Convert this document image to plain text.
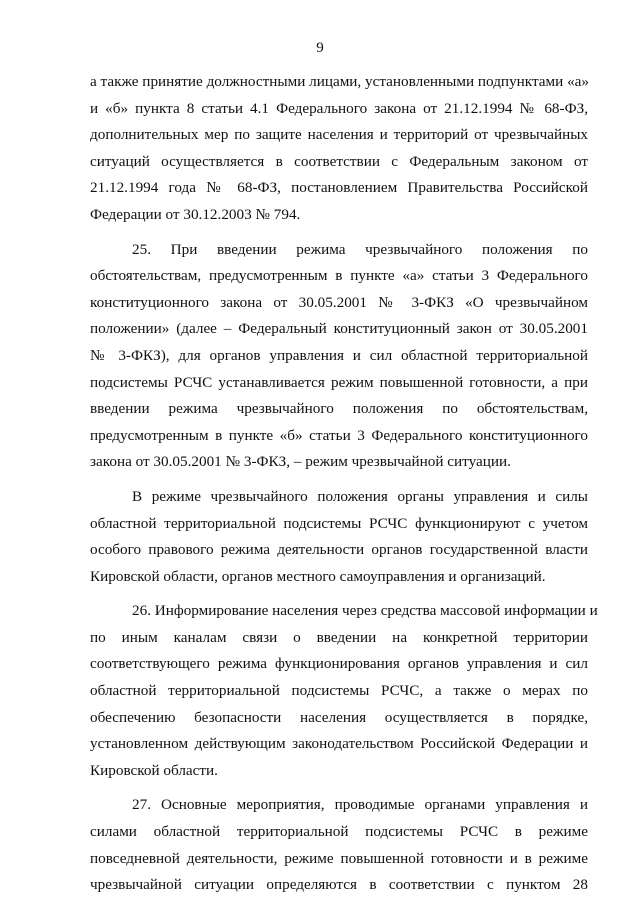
9
а также принятие должностными лицами, установленными подпунктами «а»
и «б» пункта 8 статьи 4.1 Федерального закона от 21.12.1994 № 68-ФЗ,
дополнительных мер по защите населения и территорий от чрезвычайных
ситуаций осуществляется в соответствии с Федеральным законом от
21.12.1994 года № 68-ФЗ, постановлением Правительства Российской
Федерации от 30.12.2003 № 794.
25. При введении режима чрезвычайного положения по
обстоятельствам, предусмотренным в пункте «а» статьи 3 Федерального
конституционного закона от 30.05.2001 № 3-ФКЗ «О чрезвычайном
положении» (далее – Федеральный конституционный закон от 30.05.2001
№ 3-ФКЗ), для органов управления и сил областной территориальной
подсистемы РСЧС устанавливается режим повышенной готовности, а при
введении режима чрезвычайного положения по обстоятельствам,
предусмотренным в пункте «б» статьи 3 Федерального конституционного
закона от 30.05.2001 № 3-ФКЗ, – режим чрезвычайной ситуации.
В режиме чрезвычайного положения органы управления и силы
областной территориальной подсистемы РСЧС функционируют с учетом
особого правового режима деятельности органов государственной власти
Кировской области, органов местного самоуправления и организаций.
26. Информирование населения через средства массовой информации и
по иным каналам связи о введении на конкретной территории
соответствующего режима функционирования органов управления и сил
областной территориальной подсистемы РСЧС, а также о мерах по
обеспечению безопасности населения осуществляется в порядке,
установленном действующим законодательством Российской Федерации и
Кировской области.
27. Основные мероприятия, проводимые органами управления и
силами областной территориальной подсистемы РСЧС в режиме
повседневной деятельности, режиме повышенной готовности и в режиме
чрезвычайной ситуации определяются в соответствии с пунктом 28
